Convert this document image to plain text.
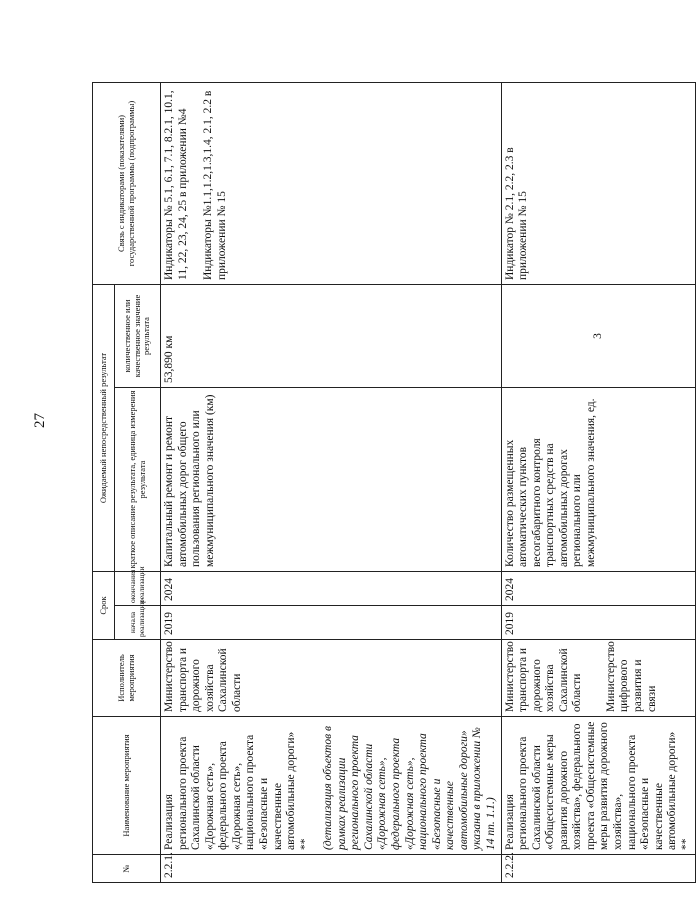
27
№	Наименование мероприятия	Исполнитель мероприятия	Срок		Ожидаемый непосредственный результат		Связь с индикаторами (показателями) государственной программы (подпрограммы)
			начала реализации	окончания реализации	краткое описание результата, единица измерения результата	количественное или качественное значение результата	
2.2.1.	Реализация регионального проекта Сахалинской области «Дорожная сеть», федерального проекта «Дорожная сеть», национального проекта «Безопасные и качественные автомобильные дороги» ** (детализация объектов в рамках реализации регионального проекта Сахалинской области «Дорожная сеть», федерального проекта «Дорожная сеть», национального проекта «Безопасные и качественные автомобильные дороги» указана в приложении № 14 пп. 1.1.)	Министерство транспорта и дорожного хозяйства Сахалинской области	2019	2024	Капитальный ремонт и ремонт автомобильных дорог общего пользования регионального или межмуниципального значения (км)	53,890 км	Индикаторы № 5.1, 6.1, 7.1, 8.2.1, 10.1, 11, 22, 23, 24, 25 в приложении №4 Индикаторы №1.1,1.2,1.3,1.4, 2.1, 2.2 в приложении № 15

2.2.2.	Реализация регионального проекта Сахалинской области «Общесистемные меры развития дорожного хозяйства», федерального проекта «Общесистемные меры развития дорожного хозяйства», национального проекта «Безопасные и качественные автомобильные дороги» **	Министерство транспорта и дорожного хозяйства Сахалинской области Министерство цифрового развития и связи	2019	2024	Количество размещенных автоматических пунктов весогабаритного контроля транспортных средств на автомобильных дорогах регионального или межмуниципального значения, ед.	3	Индикатор № 2.1, 2.2, 2.3 в приложении № 15
